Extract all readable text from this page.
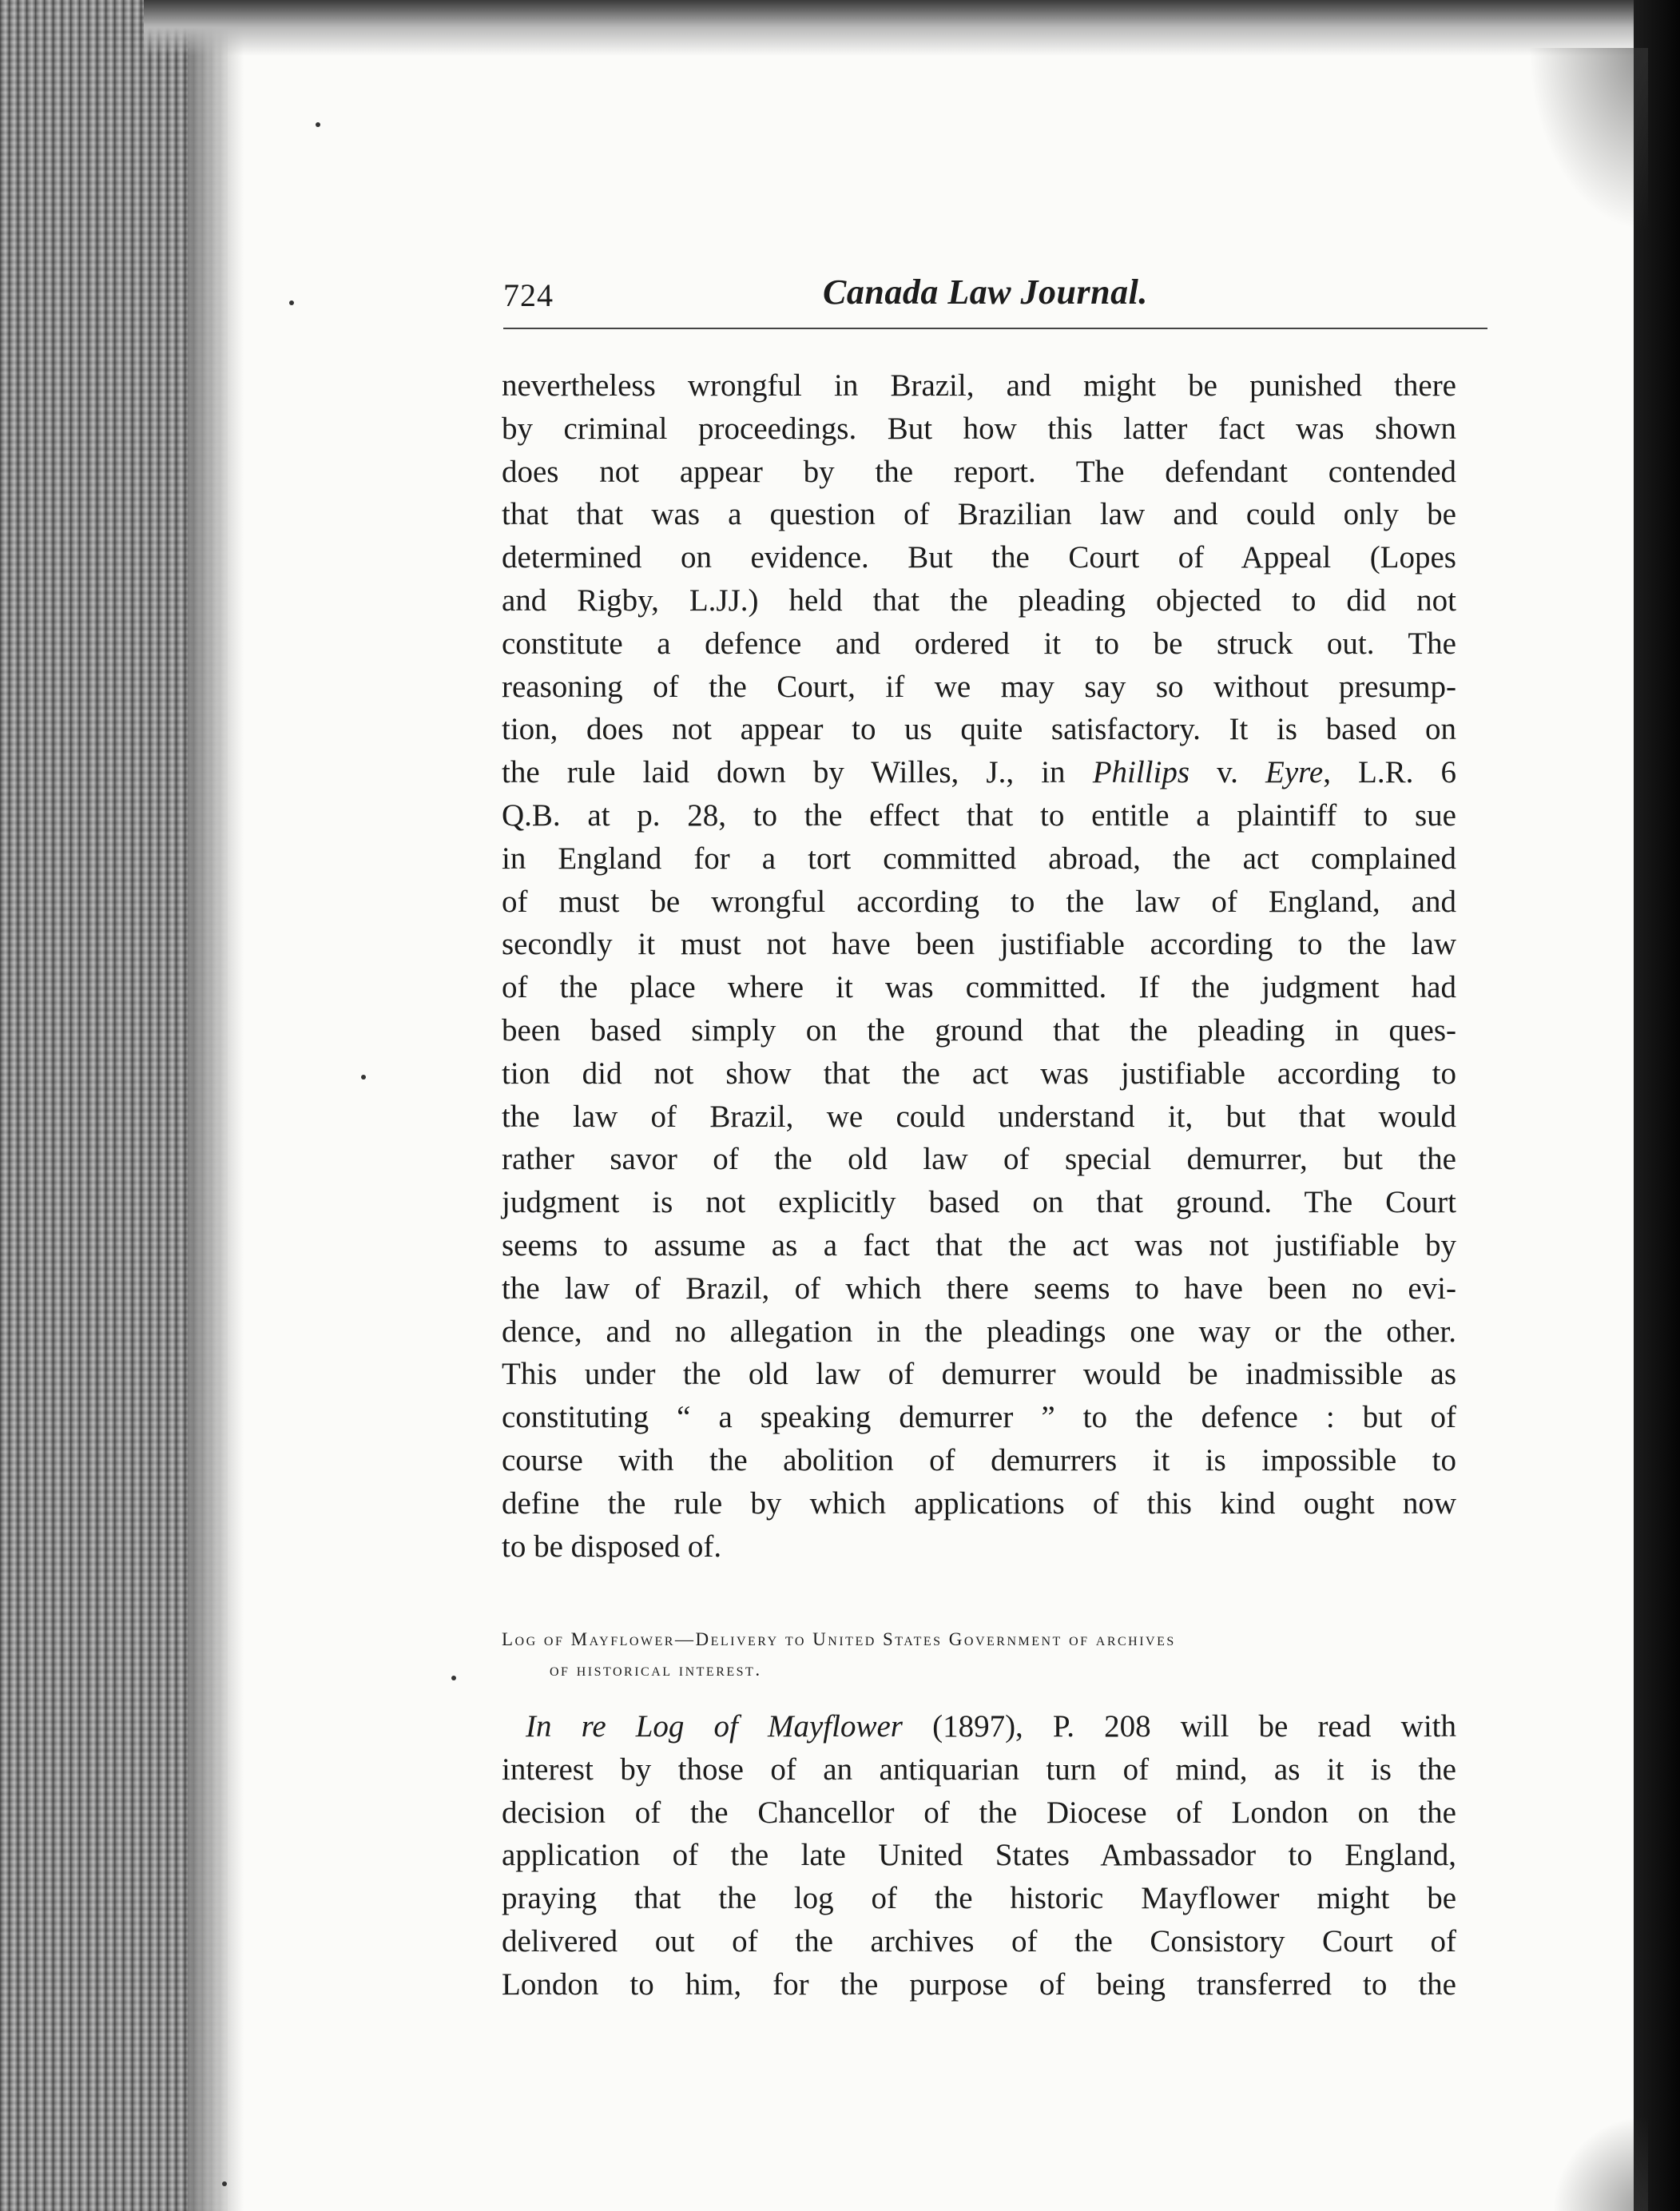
724	Canada Law Journal.
nevertheless wrongful in Brazil, and might be punished there
by criminal proceedings. But how this latter fact was shown
does not appear by the report. The defendant contended
that that was a question of Brazilian law and could only be
determined on evidence. But the Court of Appeal (Lopes
and Rigby, L.JJ.) held that the pleading objected to did not
constitute a defence and ordered it to be struck out. The
reasoning of the Court, if we may say so without presump-
tion, does not appear to us quite satisfactory. It is based on
the rule laid down by Willes, J., in Phillips v. Eyre, L.R. 6
Q.B. at p. 28, to the effect that to entitle a plaintiff to sue
in England for a tort committed abroad, the act complained
of must be wrongful according to the law of England, and
secondly it must not have been justifiable according to the law
of the place where it was committed. If the judgment had
been based simply on the ground that the pleading in ques-
tion did not show that the act was justifiable according to
the law of Brazil, we could understand it, but that would
rather savor of the old law of special demurrer, but the
judgment is not explicitly based on that ground. The Court
seems to assume as a fact that the act was not justifiable by
the law of Brazil, of which there seems to have been no evi-
dence, and no allegation in the pleadings one way or the other.
This under the old law of demurrer would be inadmissible as
constituting “ a speaking demurrer ” to the defence : but of
course with the abolition of demurrers it is impossible to
define the rule by which applications of this kind ought now
to be disposed of.
Log of Mayflower—Delivery to United States Government of archives
of historical interest.
In re Log of Mayflower (1897), P. 208 will be read with
interest by those of an antiquarian turn of mind, as it is the
decision of the Chancellor of the Diocese of London on the
application of the late United States Ambassador to England,
praying that the log of the historic Mayflower might be
delivered out of the archives of the Consistory Court of
London to him, for the purpose of being transferred to the
